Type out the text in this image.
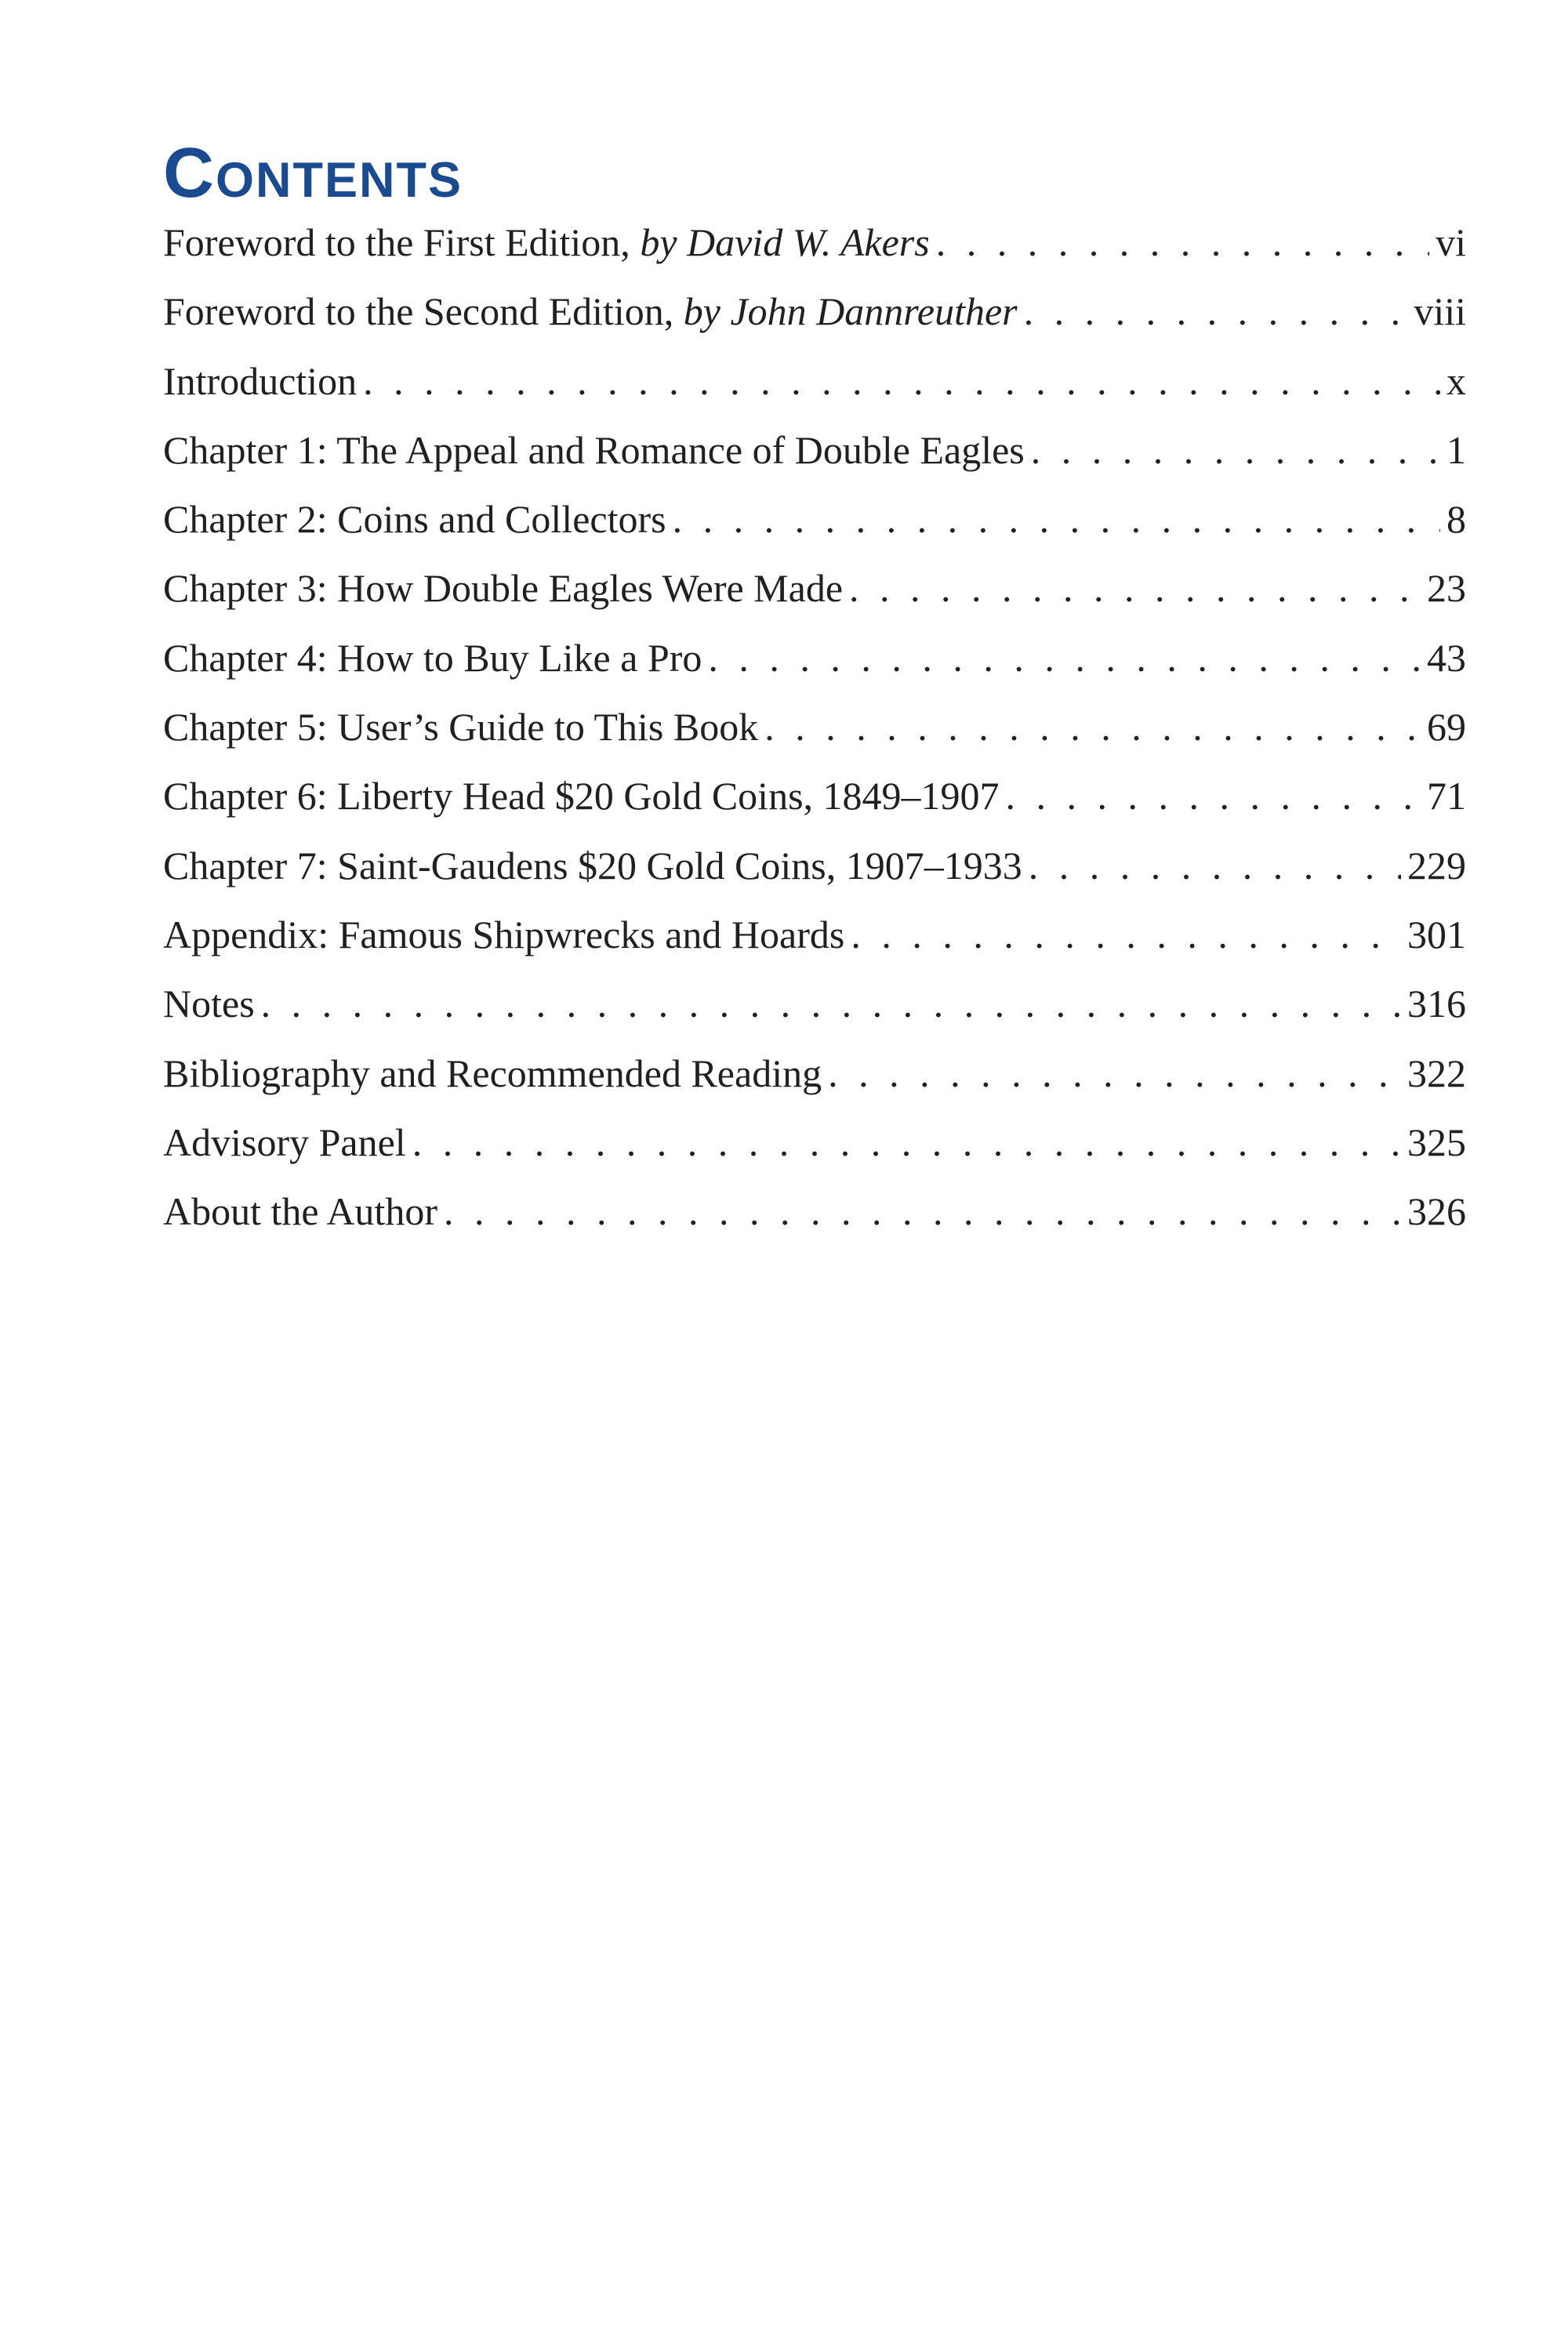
Contents
Foreword to the First Edition, by David W. Akers . . .	vi
Foreword to the Second Edition, by John Dannreuther . . .	viii
Introduction . . .	x
Chapter 1: The Appeal and Romance of Double Eagles . . .	1
Chapter 2: Coins and Collectors . . .	8
Chapter 3: How Double Eagles Were Made . . .	23
Chapter 4: How to Buy Like a Pro . . .	43
Chapter 5: User’s Guide to This Book . . .	69
Chapter 6: Liberty Head $20 Gold Coins, 1849–1907 . . .	71
Chapter 7: Saint-Gaudens $20 Gold Coins, 1907–1933 . . .	229
Appendix: Famous Shipwrecks and Hoards . . .	301
Notes . . .	316
Bibliography and Recommended Reading . . .	322
Advisory Panel . . .	325
About the Author . . .	326
